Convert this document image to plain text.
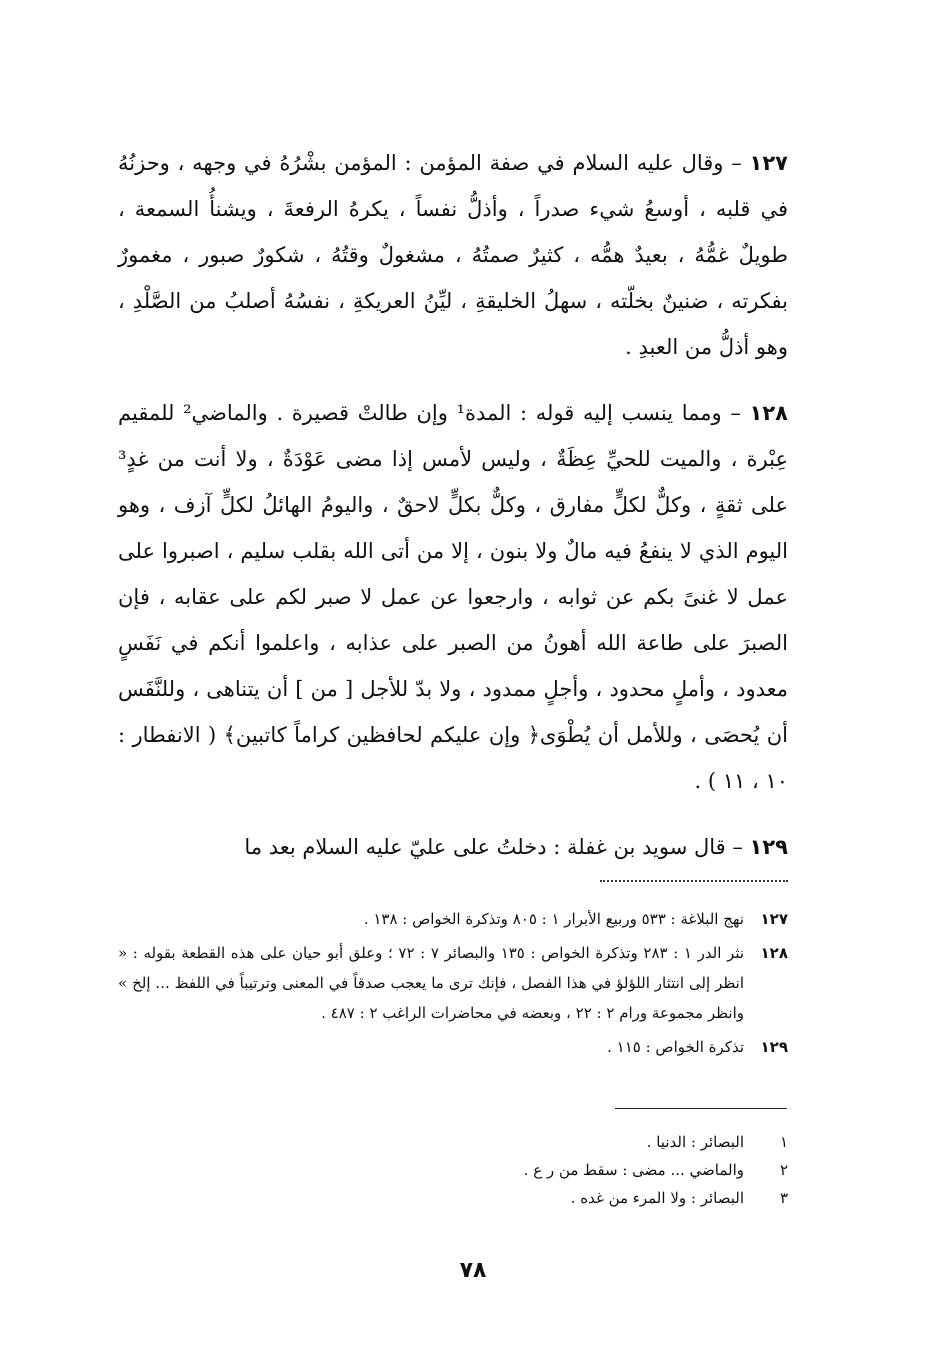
١٢٧ – وقال عليه السلام في صفة المؤمن : المؤمن بشْرُهُ في وجهه ، وحزنُهُ في قلبه ، أوسعُ شيء صدراً ، وأذلُّ نفساً ، يكرهُ الرفعةَ ، ويشنأُ السمعة ، طويلٌ غمُّهُ ، بعيدٌ همُّه ، كثيرٌ صمتُهُ ، مشغولٌ وقتُهُ ، شكورٌ صبور ، مغمورٌ بفكرته ، ضنينٌ بخلّته ، سهلُ الخليقةِ ، ليِّنُ العريكةِ ، نفسُهُ أصلبُ من الصَّلْدِ ، وهو أذلُّ من العبدِ .

١٢٨ – ومما ينسب إليه قوله : المدة¹ وإن طالتْ قصيرة . والماضي² للمقيم عِبْرة ، والميت للحيِّ عِظَةٌ ، وليس لأمس إذا مضى عَوْدَةٌ ، ولا أنت من غدٍ³ على ثقةٍ ، وكلٌّ لكلٍّ مفارق ، وكلٌّ بكلٍّ لاحقٌ ، واليومُ الهائلُ لكلٍّ آزف ، وهو اليوم الذي لا ينفعُ فيه مالٌ ولا بنون ، إلا من أتى الله بقلب سليم ، اصبروا على عمل لا غنىً بكم عن ثوابه ، وارجعوا عن عمل لا صبر لكم على عقابه ، فإن الصبرَ على طاعة الله أهونُ من الصبر على عذابه ، واعلموا أنكم في نَفَسٍ معدود ، وأملٍ محدود ، وأجلٍ ممدود ، ولا بدّ للأجل [ من ] أن يتناهى ، وللنَّفَس أن يُحصَى ، وللأمل أن يُطْوَى﴿ وإن عليكم لحافظين كراماً كاتبين﴾ ( الانفطار : ١٠ ، ١١ ) .

١٢٩ – قال سويد بن غفلة : دخلتُ على عليّ عليه السلام بعد ما

١٢٧
نهج البلاغة : ٥٣٣ وربيع الأبرار ١ : ٨٠٥ وتذكرة الخواص : ١٣٨ .
١٢٨
نثر الدر ١ : ٢٨٣ وتذكرة الخواص : ١٣٥ والبصائر ٧ : ٧٢ ؛ وعلق أبو حيان على هذه القطعة بقوله : « انظر إلى انتثار اللؤلؤ في هذا الفصل ، فإنك ترى ما يعجب صدقاً في المعنى وترتيباً في اللفظ ... إلخ » وانظر مجموعة ورام ٢ : ٢٢ ، وبعضه في محاضرات الراغب ٢ : ٤٨٧ .
١٢٩
تذكرة الخواص : ١١٥ .
١
البصائر : الدنيا .
٢
والماضي ... مضى : سقط من ر ع .
٣
البصائر : ولا المرء من غده .
٧٨
